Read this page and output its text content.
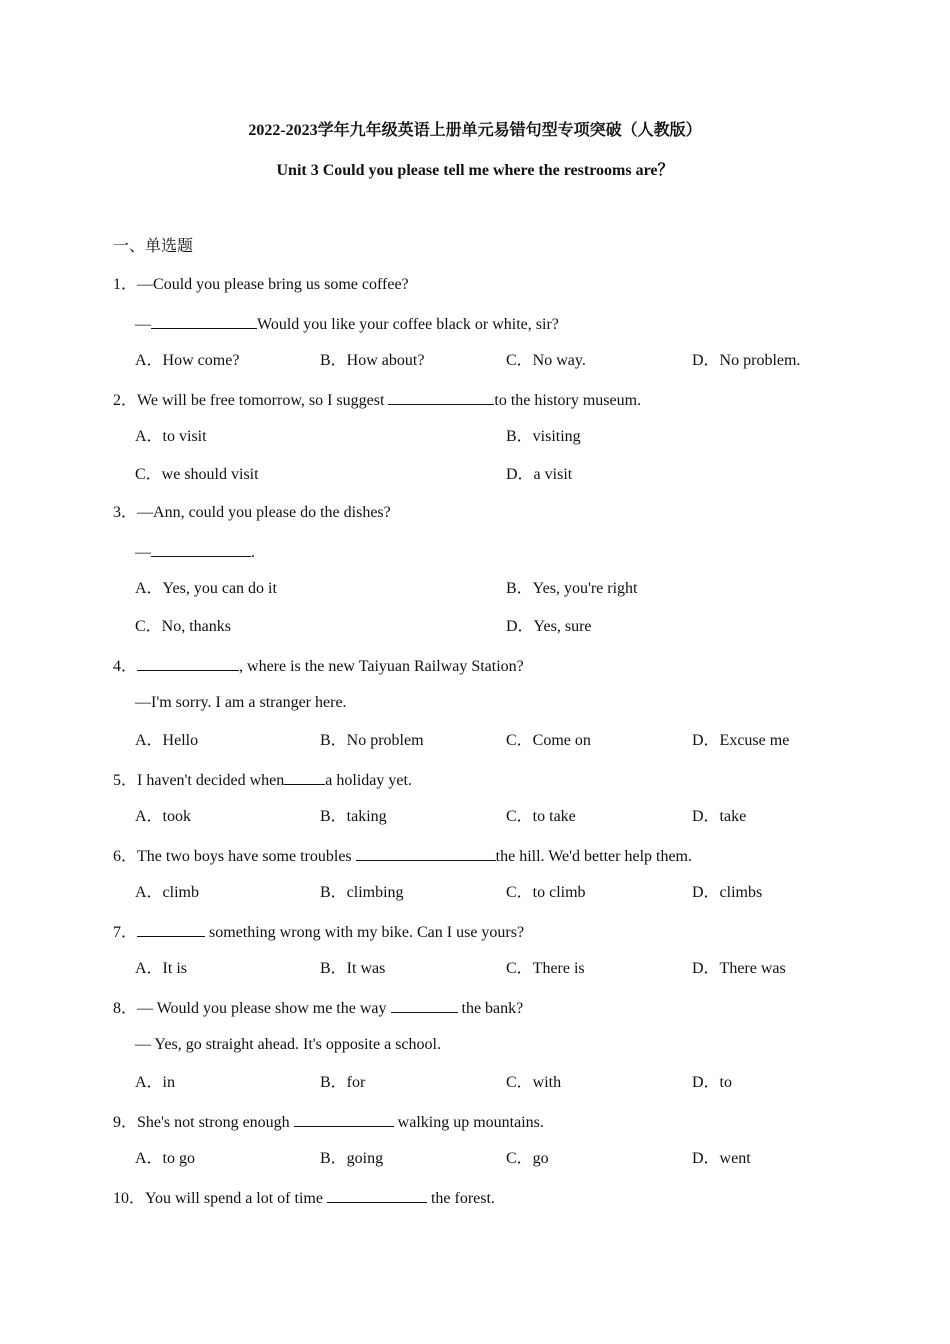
2022-2023学年九年级英语上册单元易错句型专项突破（人教版）
Unit 3 Could you please tell me where the restrooms are？
一、单选题
1．—Could you please bring us some coffee?
—	Would you like your coffee black or white, sir?
A．How come?	B．How about?	C．No way.	D．No problem.
2．We will be free tomorrow, so I suggest	to the history museum.
A．to visit	B．visiting
C．we should visit	D．a visit
3．—Ann, could you please do the dishes?
—	.
A．Yes, you can do it	B．Yes, you're right
C．No, thanks	D．Yes, sure
4．	, where is the new Taiyuan Railway Station?
—I'm sorry. I am a stranger here.
A．Hello	B．No problem	C．Come on	D．Excuse me
5．I haven't decided when	a holiday yet.
A．took	B．taking	C．to take	D．take
6．The two boys have some troubles	the hill. We'd better help them.
A．climb	B．climbing	C．to climb	D．climbs
7．	something wrong with my bike. Can I use yours?
A．It is	B．It was	C．There is	D．There was
8．— Would you please show me the way	the bank?
— Yes, go straight ahead. It's opposite a school.
A．in	B．for	C．with	D．to
9．She's not strong enough	walking up mountains.
A．to go	B．going	C．go	D．went
10．You will spend a lot of time	the forest.
